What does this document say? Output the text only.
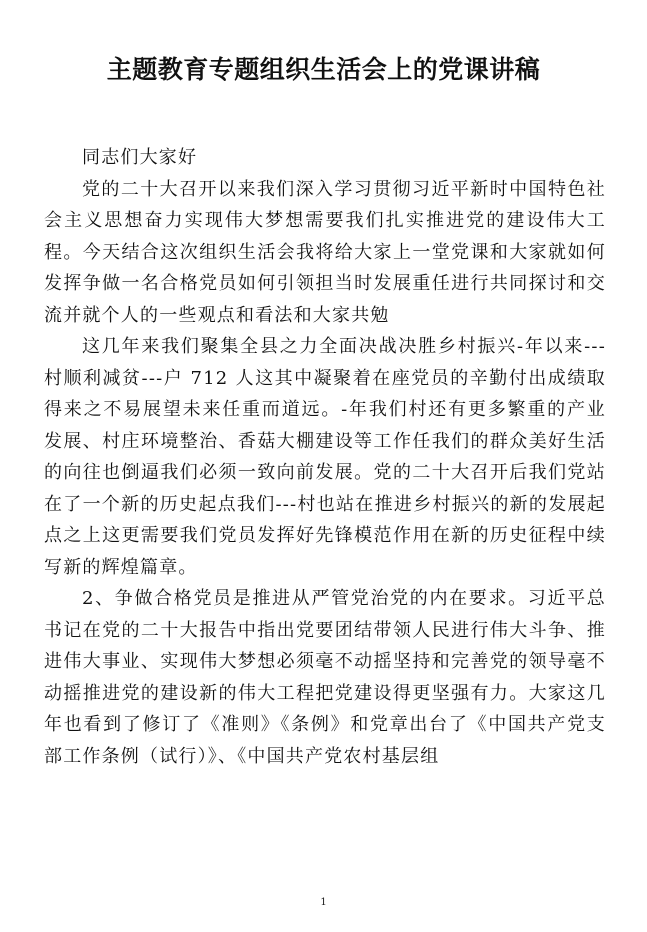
主题教育专题组织生活会上的党课讲稿

同志们大家好

党的二十大召开以来我们深入学习贯彻习近平新时中国特色社会主义思想奋力实现伟大梦想需要我们扎实推进党的建设伟大工程。今天结合这次组织生活会我将给大家上一堂党课和大家就如何发挥争做一名合格党员如何引领担当时发展重任进行共同探讨和交流并就个人的一些观点和看法和大家共勉

这几年来我们聚集全县之力全面决战决胜乡村振兴-年以来---村顺利减贫---户 712 人这其中凝聚着在座党员的辛勤付出成绩取得来之不易展望未来任重而道远。-年我们村还有更多繁重的产业发展、村庄环境整治、香菇大棚建设等工作任我们的群众美好生活的向往也倒逼我们必须一致向前发展。党的二十大召开后我们党站在了一个新的历史起点我们---村也站在推进乡村振兴的新的发展起点之上这更需要我们党员发挥好先锋模范作用在新的历史征程中续写新的辉煌篇章。

2、争做合格党员是推进从严管党治党的内在要求。习近平总书记在党的二十大报告中指出党要团结带领人民进行伟大斗争、推进伟大事业、实现伟大梦想必须毫不动摇坚持和完善党的领导毫不动摇推进党的建设新的伟大工程把党建设得更坚强有力。大家这几年也看到了修订了《准则》《条例》和党章出台了《中国共产党支部工作条例（试行）》、《中国共产党农村基层组

1
